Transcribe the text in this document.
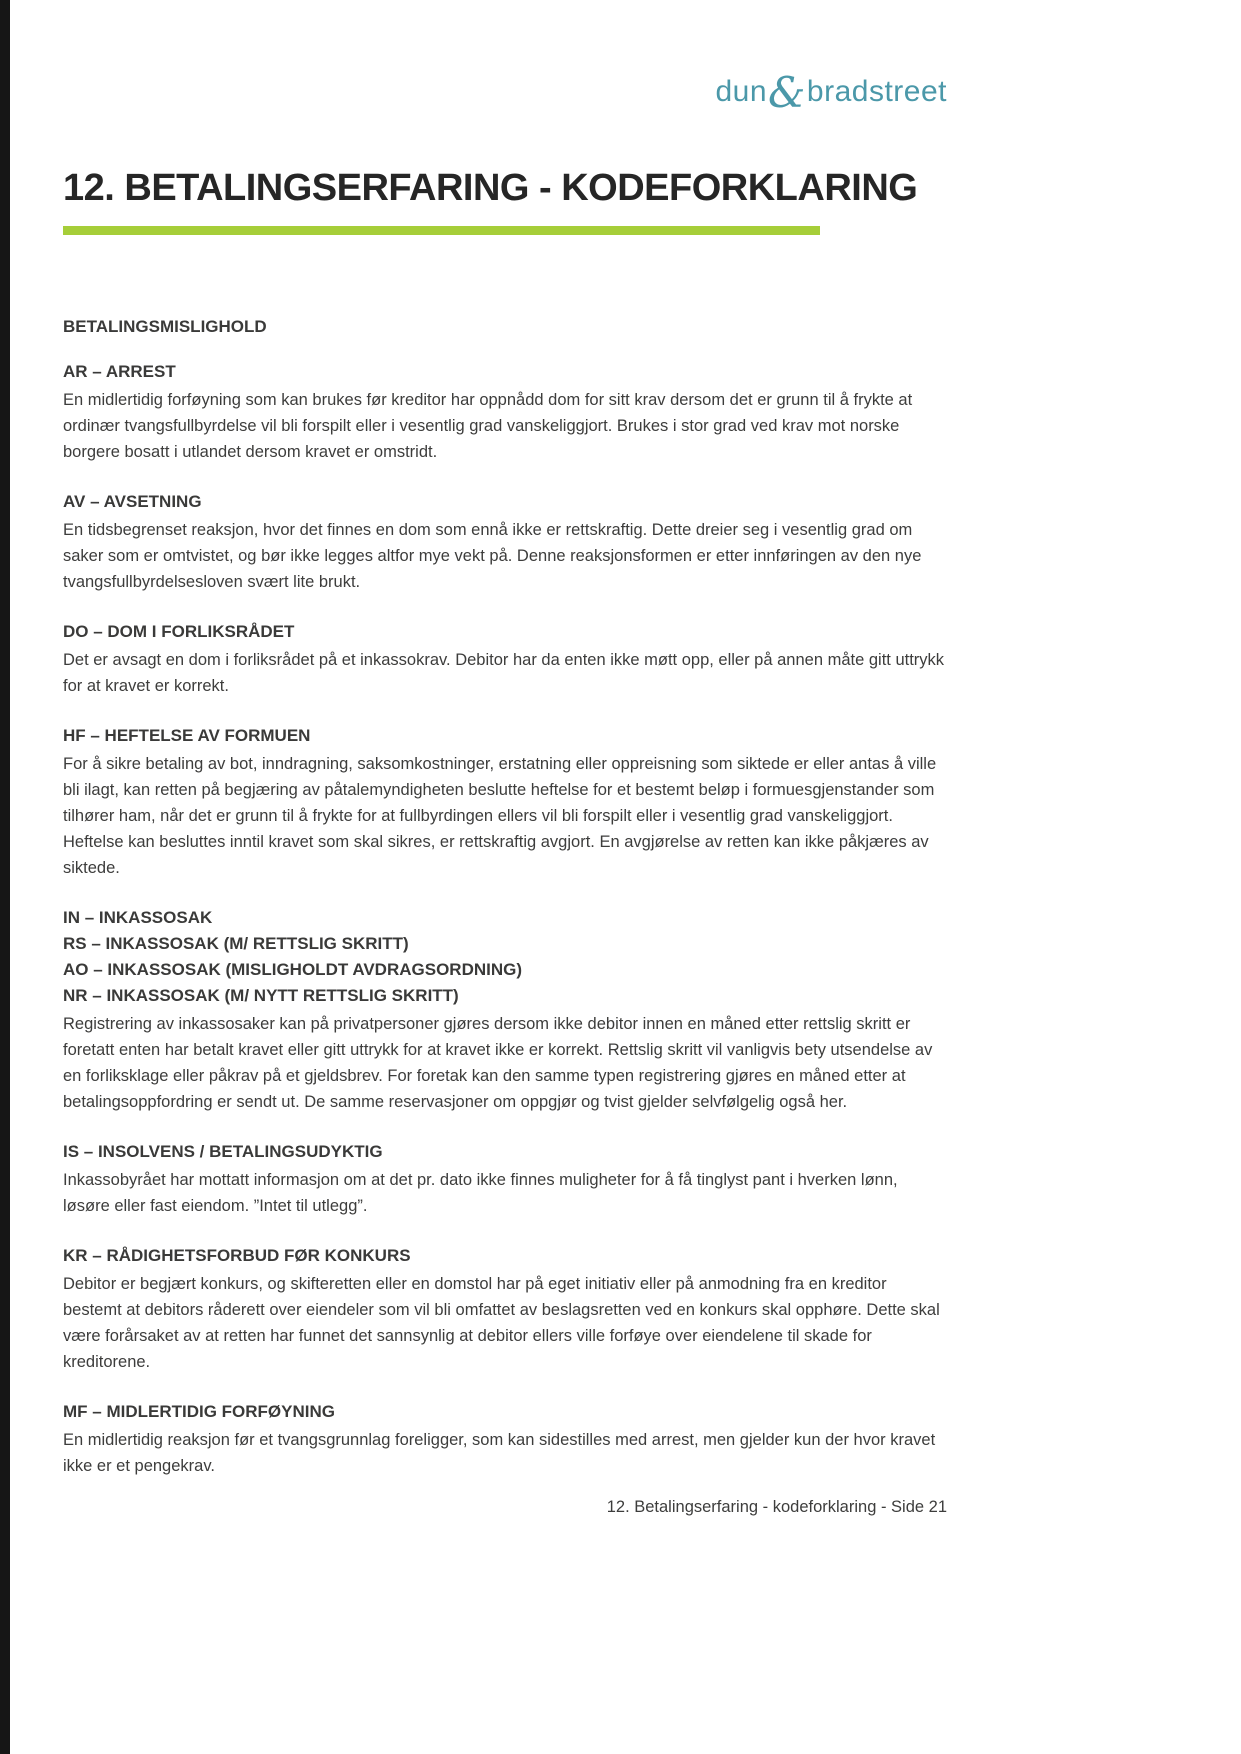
dun&bradstreet
12. BETALINGSERFARING - KODEFORKLARING
BETALINGSMISLIGHOLD
AR – ARREST

En midlertidig forføyning som kan brukes før kreditor har oppnådd dom for sitt krav dersom det er grunn til å frykte at ordinær tvangsfullbyrdelse vil bli forspilt eller i vesentlig grad vanskeliggjort. Brukes i stor grad ved krav mot norske borgere bosatt i utlandet dersom kravet er omstridt.

AV – AVSETNING

En tidsbegrenset reaksjon, hvor det finnes en dom som ennå ikke er rettskraftig. Dette dreier seg i vesentlig grad om saker som er omtvistet, og bør ikke legges altfor mye vekt på. Denne reaksjonsformen er etter innføringen av den nye tvangsfullbyrdelsesloven svært lite brukt.

DO – DOM I FORLIKSRÅDET

Det er avsagt en dom i forliksrådet på et inkassokrav. Debitor har da enten ikke møtt opp, eller på annen måte gitt uttrykk for at kravet er korrekt.

HF – HEFTELSE AV FORMUEN

For å sikre betaling av bot, inndragning, saksomkostninger, erstatning eller oppreisning som siktede er eller antas å ville bli ilagt, kan retten på begjæring av påtalemyndigheten beslutte heftelse for et bestemt beløp i formuesgjenstander som tilhører ham, når det er grunn til å frykte for at fullbyrdingen ellers vil bli forspilt eller i vesentlig grad vanskeliggjort. Heftelse kan besluttes inntil kravet som skal sikres, er rettskraftig avgjort. En avgjørelse av retten kan ikke påkjæres av siktede.

IN – INKASSOSAK
RS – INKASSOSAK (M/ RETTSLIG SKRITT)
AO – INKASSOSAK (MISLIGHOLDT AVDRAGSORDNING)
NR – INKASSOSAK (M/ NYTT RETTSLIG SKRITT)

Registrering av inkassosaker kan på privatpersoner gjøres dersom ikke debitor innen en måned etter rettslig skritt er foretatt enten har betalt kravet eller gitt uttrykk for at kravet ikke er korrekt. Rettslig skritt vil vanligvis bety utsendelse av en forliksklage eller påkrav på et gjeldsbrev. For foretak kan den samme typen registrering gjøres en måned etter at betalingsoppfordring er sendt ut. De samme reservasjoner om oppgjør og tvist gjelder selvfølgelig også her.

IS – INSOLVENS / BETALINGSUDYKTIG

Inkassobyrået har mottatt informasjon om at det pr. dato ikke finnes muligheter for å få tinglyst pant i hverken lønn, løsøre eller fast eiendom. ”Intet til utlegg”.

KR – RÅDIGHETSFORBUD FØR KONKURS

Debitor er begjært konkurs, og skifteretten eller en domstol har på eget initiativ eller på anmodning fra en kreditor bestemt at debitors råderett over eiendeler som vil bli omfattet av beslagsretten ved en konkurs skal opphøre. Dette skal være forårsaket av at retten har funnet det sannsynlig at debitor ellers ville forføye over eiendelene til skade for kreditorene.

MF – MIDLERTIDIG FORFØYNING

En midlertidig reaksjon før et tvangsgrunnlag foreligger, som kan sidestilles med arrest, men gjelder kun der hvor kravet ikke er et pengekrav.

12. Betalingserfaring - kodeforklaring - Side 21
